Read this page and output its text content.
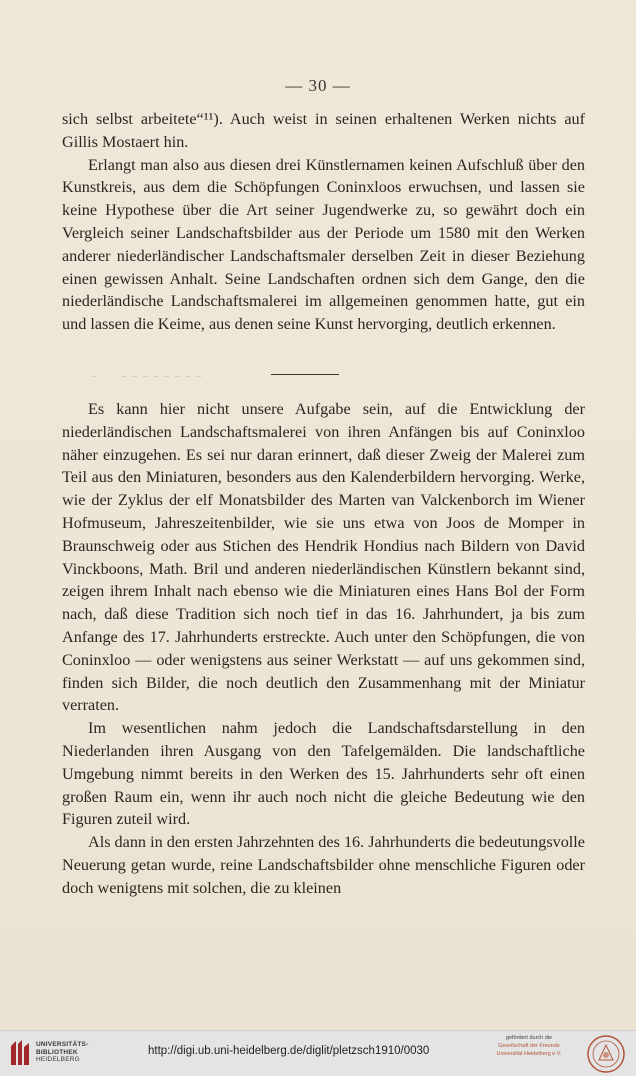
— 30 —

sich selbst arbeitete“¹¹). Auch weist in seinen erhaltenen Werken nichts auf Gillis Mostaert hin.

Erlangt man also aus diesen drei Künstlernamen keinen Aufschluß über den Kunstkreis, aus dem die Schöpfungen Coninxloos erwuchsen, und lassen sie keine Hypothese über die Art seiner Jugendwerke zu, so gewährt doch ein Vergleich seiner Landschaftsbilder aus der Periode um 1580 mit den Werken anderer niederländischer Landschaftsmaler derselben Zeit in dieser Beziehung einen gewissen Anhalt. Seine Landschaften ordnen sich dem Gange, den die niederländische Landschaftsmalerei im allgemeinen genommen hatte, gut ein und lassen die Keime, aus denen seine Kunst hervorging, deutlich erkennen.

‒ · · ‒ ‒ ‒ ‒ ‒ ‒ ‒ ‒

Es kann hier nicht unsere Aufgabe sein, auf die Entwicklung der niederländischen Landschaftsmalerei von ihren Anfängen bis auf Coninxloo näher einzugehen. Es sei nur daran erinnert, daß dieser Zweig der Malerei zum Teil aus den Miniaturen, besonders aus den Kalenderbildern hervorging. Werke, wie der Zyklus der elf Monatsbilder des Marten van Valckenborch im Wiener Hofmuseum, Jahreszeitenbilder, wie sie uns etwa von Joos de Momper in Braunschweig oder aus Stichen des Hendrik Hondius nach Bildern von David Vinckboons, Math. Bril und anderen niederländischen Künstlern bekannt sind, zeigen ihrem Inhalt nach ebenso wie die Miniaturen eines Hans Bol der Form nach, daß diese Tradition sich noch tief in das 16. Jahrhundert, ja bis zum Anfange des 17. Jahrhunderts erstreckte. Auch unter den Schöpfungen, die von Coninxloo — oder wenigstens aus seiner Werkstatt — auf uns gekommen sind, finden sich Bilder, die noch deutlich den Zusammenhang mit der Miniatur verraten.

Im wesentlichen nahm jedoch die Landschaftsdarstellung in den Niederlanden ihren Ausgang von den Tafelgemälden. Die landschaftliche Umgebung nimmt bereits in den Werken des 15. Jahrhunderts sehr oft einen großen Raum ein, wenn ihr auch noch nicht die gleiche Bedeutung wie den Figuren zuteil wird.

Als dann in den ersten Jahrzehnten des 16. Jahrhunderts die bedeutungsvolle Neuerung getan wurde, reine Landschaftsbilder ohne menschliche Figuren oder doch wenigtens mit solchen, die zu kleinen

UNIVERSITÄTS-
BIBLIOTHEK
HEIDELBERG
http://digi.ub.uni-heidelberg.de/diglit/pletzsch1910/0030
gefördert durch die
Gesellschaft der Freunde
Universität Heidelberg e.V.
